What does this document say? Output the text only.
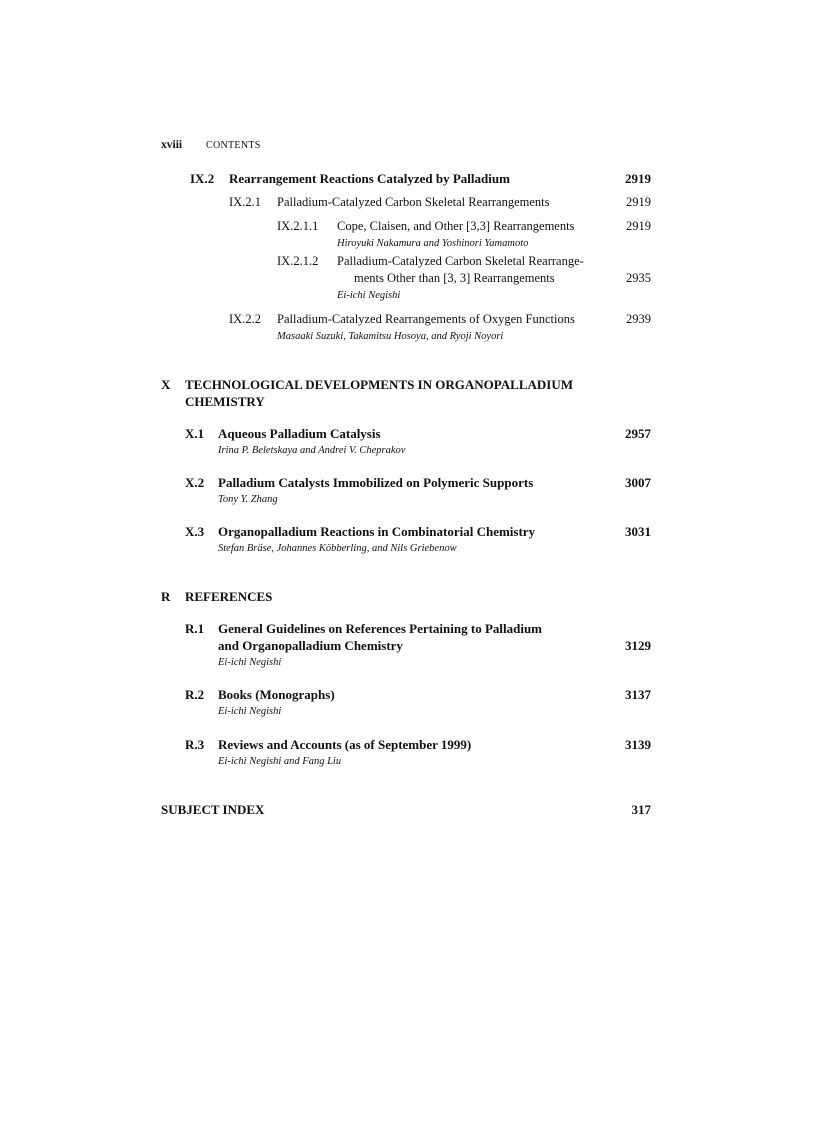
xviii CONTENTS
IX.2 Rearrangement Reactions Catalyzed by Palladium	2919
IX.2.1 Palladium-Catalyzed Carbon Skeletal Rearrangements	2919
IX.2.1.1 Cope, Claisen, and Other [3,3] Rearrangements	2919
Hiroyuki Nakamura and Yoshinori Yamamoto
IX.2.1.2 Palladium-Catalyzed Carbon Skeletal Rearrange-
ments Other than [3, 3] Rearrangements	2935
Ei-ichi Negishi
IX.2.2 Palladium-Catalyzed Rearrangements of Oxygen Functions	2939
Masaaki Suzuki, Takamitsu Hosoya, and Ryoji Noyori
X TECHNOLOGICAL DEVELOPMENTS IN ORGANOPALLADIUM
CHEMISTRY
X.1 Aqueous Palladium Catalysis	2957
Irina P. Beletskaya and Andrei V. Cheprakov
X.2 Palladium Catalysts Immobilized on Polymeric Supports	3007
Tony Y. Zhang
X.3 Organopalladium Reactions in Combinatorial Chemistry	3031
Stefan Bräse, Johannes Köbberling, and Nils Griebenow
R REFERENCES
R.1 General Guidelines on References Pertaining to Palladium
and Organopalladium Chemistry	3129
Ei-ichi Negishi
R.2 Books (Monographs)	3137
Ei-ichi Negishi
R.3 Reviews and Accounts (as of September 1999)	3139
Ei-ichi Negishi and Fang Liu
SUBJECT INDEX	317
